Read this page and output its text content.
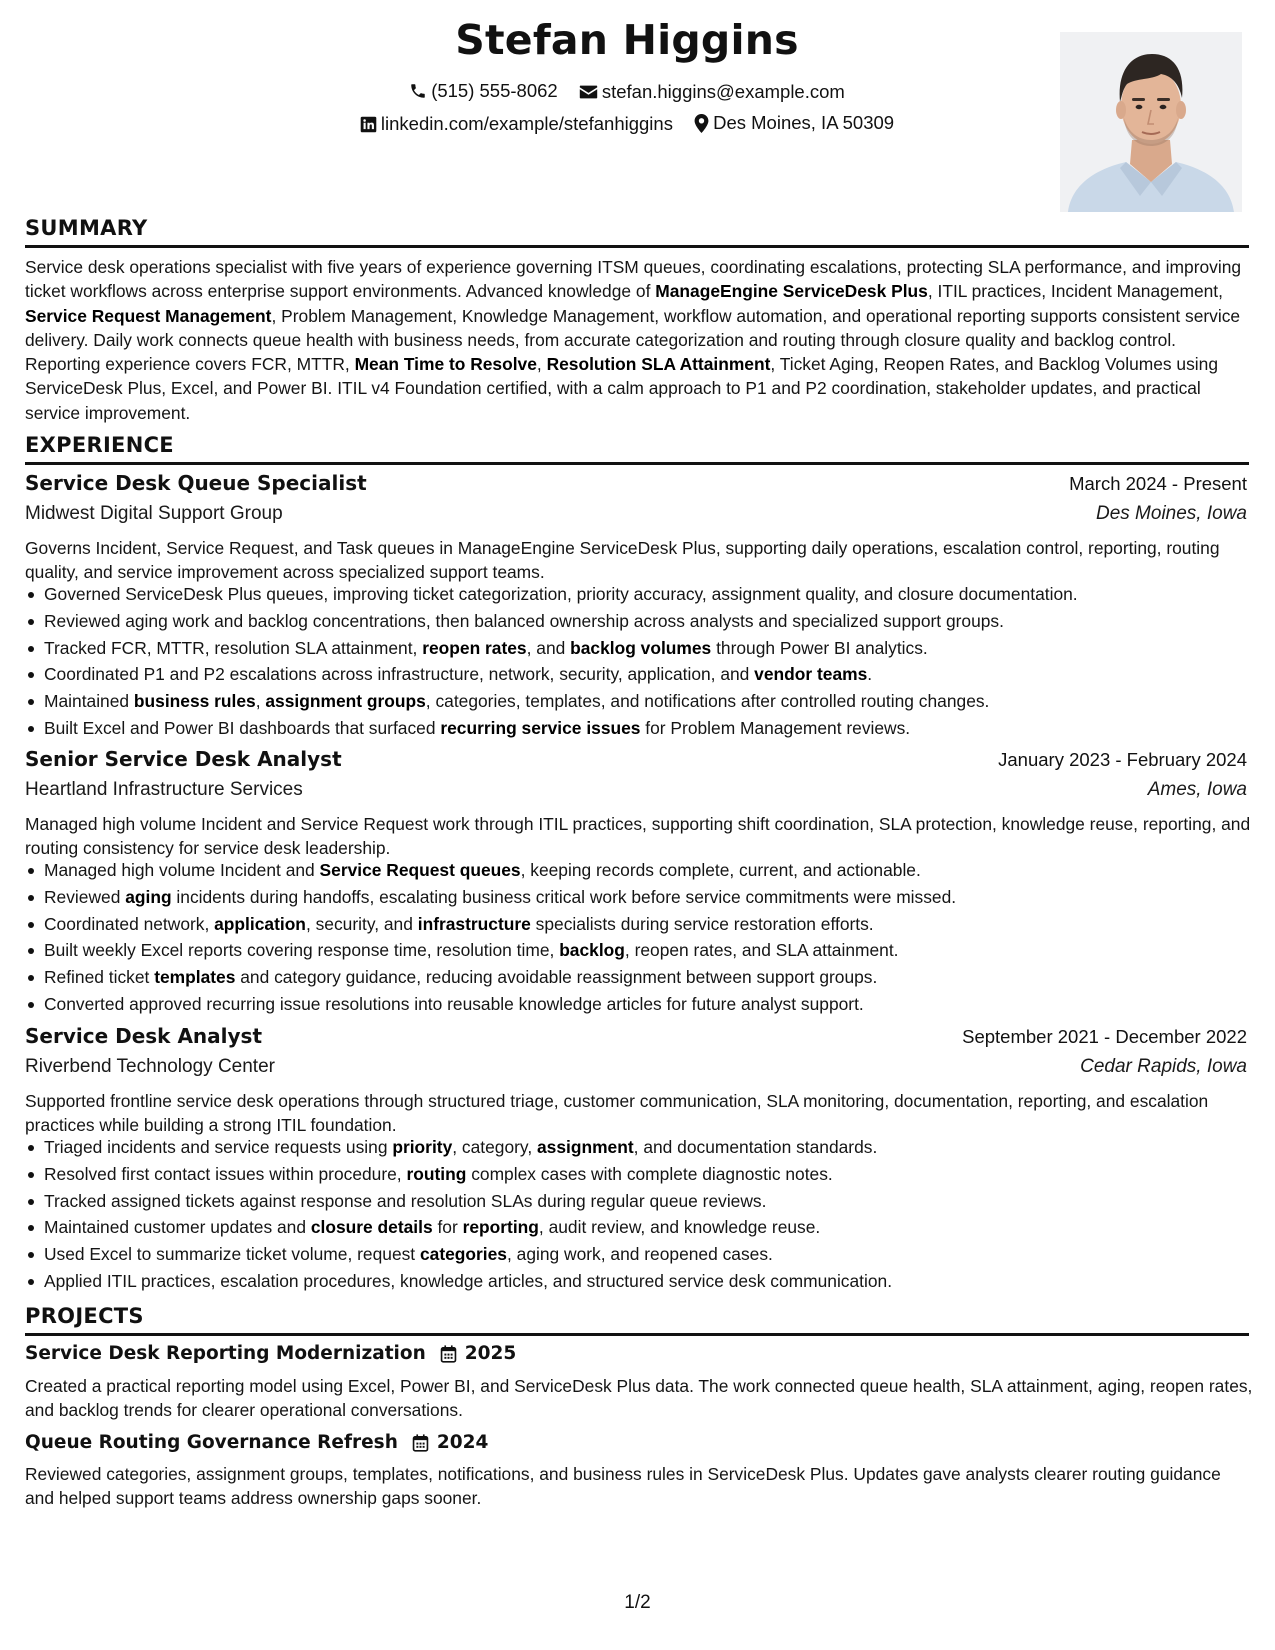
Stefan Higgins
(515) 555-8062
stefan.higgins@example.com
linkedin.com/example/stefanhiggins
Des Moines, IA 50309
SUMMARY
Service desk operations specialist with five years of experience governing ITSM queues, coordinating escalations, protecting SLA performance, and improving ticket workflows across enterprise support environments. Advanced knowledge of ManageEngine ServiceDesk Plus, ITIL practices, Incident Management, Service Request Management, Problem Management, Knowledge Management, workflow automation, and operational reporting supports consistent service delivery. Daily work connects queue health with business needs, from accurate categorization and routing through closure quality and backlog control. Reporting experience covers FCR, MTTR, Mean Time to Resolve, Resolution SLA Attainment, Ticket Aging, Reopen Rates, and Backlog Volumes using ServiceDesk Plus, Excel, and Power BI. ITIL v4 Foundation certified, with a calm approach to P1 and P2 coordination, stakeholder updates, and practical service improvement.
EXPERIENCE
Service Desk Queue Specialist	March 2024 - Present
Midwest Digital Support Group	Des Moines, Iowa
Governs Incident, Service Request, and Task queues in ManageEngine ServiceDesk Plus, supporting daily operations, escalation control, reporting, routing quality, and service improvement across specialized support teams.
Governed ServiceDesk Plus queues, improving ticket categorization, priority accuracy, assignment quality, and closure documentation.
Reviewed aging work and backlog concentrations, then balanced ownership across analysts and specialized support groups.
Tracked FCR, MTTR, resolution SLA attainment, reopen rates, and backlog volumes through Power BI analytics.
Coordinated P1 and P2 escalations across infrastructure, network, security, application, and vendor teams.
Maintained business rules, assignment groups, categories, templates, and notifications after controlled routing changes.
Built Excel and Power BI dashboards that surfaced recurring service issues for Problem Management reviews.
Senior Service Desk Analyst	January 2023 - February 2024
Heartland Infrastructure Services	Ames, Iowa
Managed high volume Incident and Service Request work through ITIL practices, supporting shift coordination, SLA protection, knowledge reuse, reporting, and routing consistency for service desk leadership.
Managed high volume Incident and Service Request queues, keeping records complete, current, and actionable.
Reviewed aging incidents during handoffs, escalating business critical work before service commitments were missed.
Coordinated network, application, security, and infrastructure specialists during service restoration efforts.
Built weekly Excel reports covering response time, resolution time, backlog, reopen rates, and SLA attainment.
Refined ticket templates and category guidance, reducing avoidable reassignment between support groups.
Converted approved recurring issue resolutions into reusable knowledge articles for future analyst support.
Service Desk Analyst	September 2021 - December 2022
Riverbend Technology Center	Cedar Rapids, Iowa
Supported frontline service desk operations through structured triage, customer communication, SLA monitoring, documentation, reporting, and escalation practices while building a strong ITIL foundation.
Triaged incidents and service requests using priority, category, assignment, and documentation standards.
Resolved first contact issues within procedure, routing complex cases with complete diagnostic notes.
Tracked assigned tickets against response and resolution SLAs during regular queue reviews.
Maintained customer updates and closure details for reporting, audit review, and knowledge reuse.
Used Excel to summarize ticket volume, request categories, aging work, and reopened cases.
Applied ITIL practices, escalation procedures, knowledge articles, and structured service desk communication.
PROJECTS
Service Desk Reporting Modernization 2025
Created a practical reporting model using Excel, Power BI, and ServiceDesk Plus data. The work connected queue health, SLA attainment, aging, reopen rates, and backlog trends for clearer operational conversations.
Queue Routing Governance Refresh 2024
Reviewed categories, assignment groups, templates, notifications, and business rules in ServiceDesk Plus. Updates gave analysts clearer routing guidance and helped support teams address ownership gaps sooner.
1/2
